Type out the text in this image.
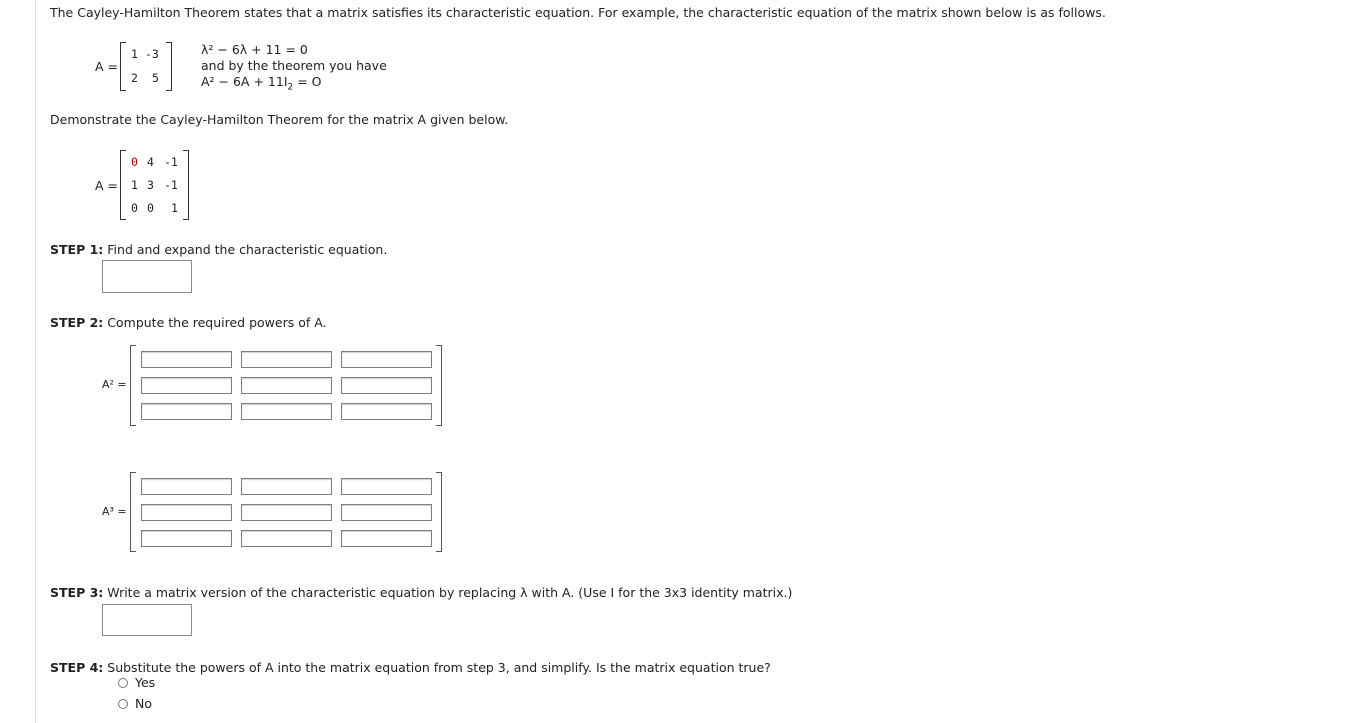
The Cayley-Hamilton Theorem states that a matrix satisfies its characteristic equation. For example, the characteristic equation of the matrix shown below is as follows.
A =
1 -3
2 5
λ² − 6λ + 11 = 0
and by the theorem you have
$A^2 - 6A + 11I_2 = O$
Demonstrate the Cayley-Hamilton Theorem for the matrix A given below.
A =
0 4 -1
1 3 -1
0 0 1
STEP 1: Find and expand the characteristic equation.
STEP 2: Compute the required powers of A.
A² =
A³ =
STEP 3: Write a matrix version of the characteristic equation by replacing λ with A. (Use I for the 3x3 identity matrix.)
STEP 4: Substitute the powers of A into the matrix equation from step 3, and simplify. Is the matrix equation true?
Yes
No
